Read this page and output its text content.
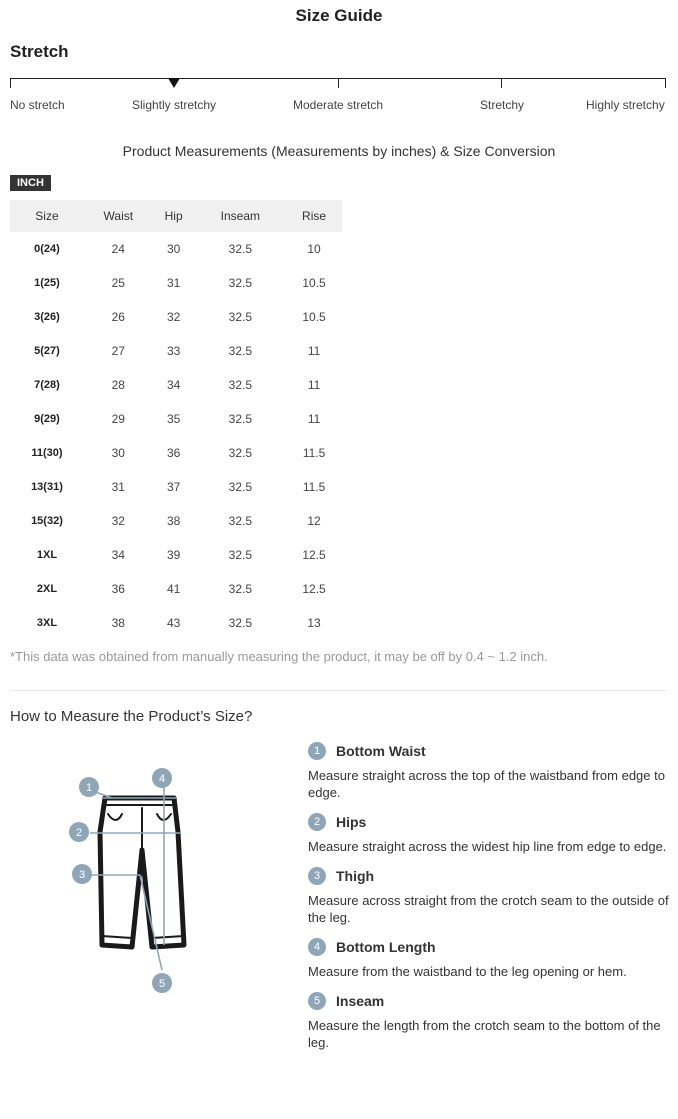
Size Guide
Stretch
No stretch	Slightly stretchy	Moderate stretch	Stretchy	Highly stretchy
Product Measurements (Measurements by inches) & Size Conversion
INCH
Size	Waist	Hip	Inseam	Rise
0(24)	24	30	32.5	10
1(25)	25	31	32.5	10.5
3(26)	26	32	32.5	10.5
5(27)	27	33	32.5	11
7(28)	28	34	32.5	11
9(29)	29	35	32.5	11
11(30)	30	36	32.5	11.5
13(31)	31	37	32.5	11.5
15(32)	32	38	32.5	12
1XL	34	39	32.5	12.5
2XL	36	41	32.5	12.5
3XL	38	43	32.5	13
*This data was obtained from manually measuring the product, it may be off by 0.4 ~ 1.2 inch.
How to Measure the Product’s Size?
1
2
3
4
5
1	Bottom Waist
Measure straight across the top of the waistband from edge to edge.
2	Hips
Measure straight across the widest hip line from edge to edge.
3	Thigh
Measure across straight from the crotch seam to the outside of the leg.
4	Bottom Length
Measure from the waistband to the leg opening or hem.
5	Inseam
Measure the length from the crotch seam to the bottom of the leg.
